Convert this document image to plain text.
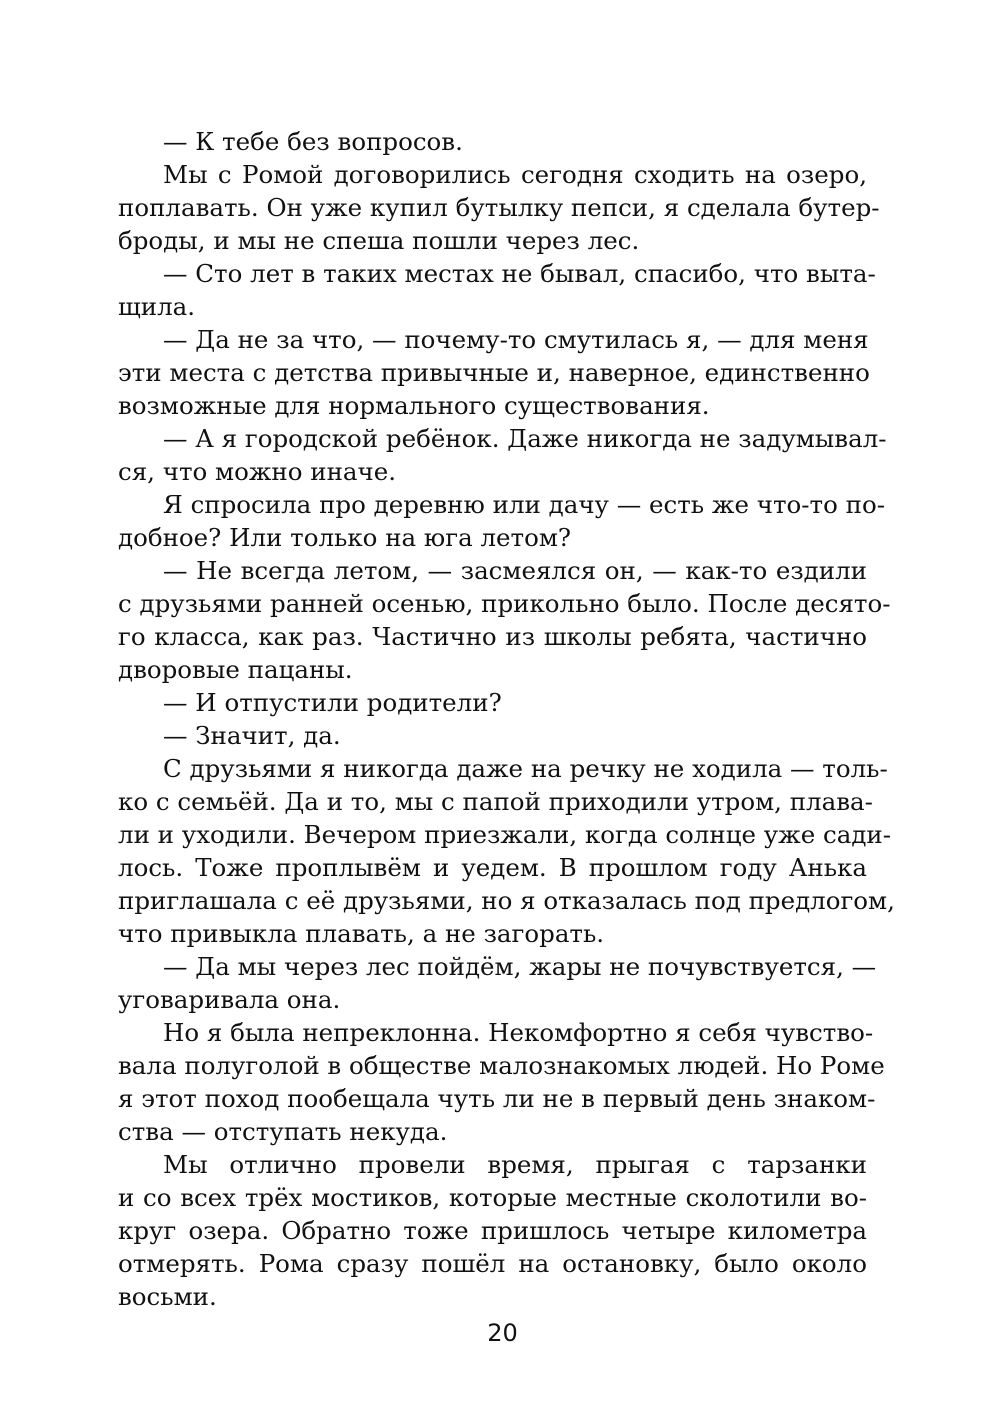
— К тебе без вопросов.
Мы с Ромой договорились сегодня сходить на озеро,
поплавать. Он уже купил бутылку пепси, я сделала бутер-
броды, и мы не спеша пошли через лес.
— Сто лет в таких местах не бывал, спасибо, что выта-
щила.
— Да не за что, — почему-то смутилась я, — для меня
эти места с детства привычные и, наверное, единственно
возможные для нормального существования.
— А я городской ребёнок. Даже никогда не задумывал-
ся, что можно иначе.
Я спросила про деревню или дачу — есть же что-то по-
добное? Или только на юга летом?
— Не всегда летом, — засмеялся он, — как-то ездили
с друзьями ранней осенью, прикольно было. После десято-
го класса, как раз. Частично из школы ребята, частично
дворовые пацаны.
— И отпустили родители?
— Значит, да.
С друзьями я никогда даже на речку не ходила — толь-
ко с семьёй. Да и то, мы с папой приходили утром, плава-
ли и уходили. Вечером приезжали, когда солнце уже сади-
лось. Тоже проплывём и уедем. В прошлом году Анька
приглашала с её друзьями, но я отказалась под предлогом,
что привыкла плавать, а не загорать.
— Да мы через лес пойдём, жары не почувствуется, —
уговаривала она.
Но я была непреклонна. Некомфортно я себя чувство-
вала полуголой в обществе малознакомых людей. Но Роме
я этот поход пообещала чуть ли не в первый день знаком-
ства — отступать некуда.
Мы отлично провели время, прыгая с тарзанки
и со всех трёх мостиков, которые местные сколотили во-
круг озера. Обратно тоже пришлось четыре километра
отмерять. Рома сразу пошёл на остановку, было около
восьми.
20
